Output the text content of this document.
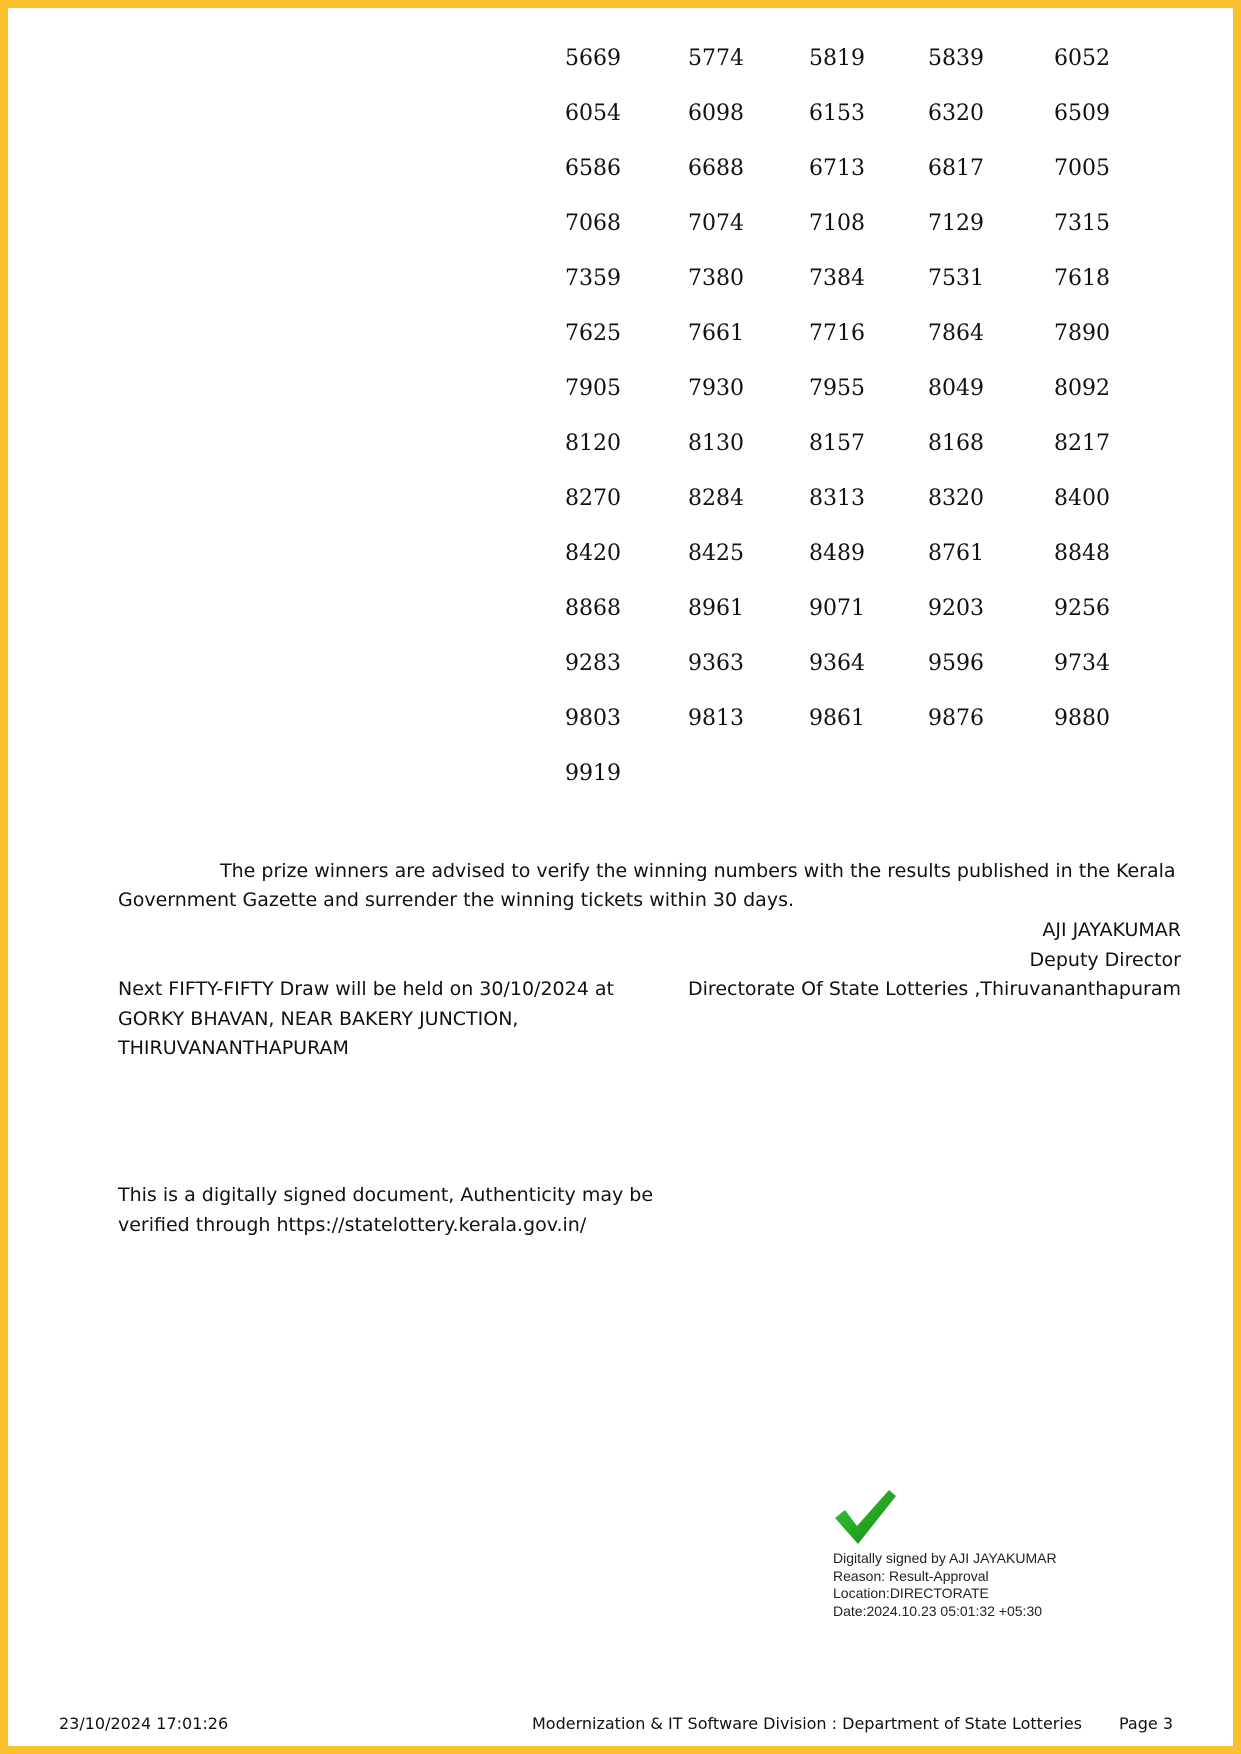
5669	5774	5819	5839	6052
6054	6098	6153	6320	6509
6586	6688	6713	6817	7005
7068	7074	7108	7129	7315
7359	7380	7384	7531	7618
7625	7661	7716	7864	7890
7905	7930	7955	8049	8092
8120	8130	8157	8168	8217
8270	8284	8313	8320	8400
8420	8425	8489	8761	8848
8868	8961	9071	9203	9256
9283	9363	9364	9596	9734
9803	9813	9861	9876	9880
9919
The prize winners are advised to verify the winning numbers with the results published in the Kerala Government Gazette and surrender the winning tickets within 30 days.
AJI JAYAKUMAR
Deputy Director
Directorate Of State Lotteries ,Thiruvananthapuram
Next FIFTY-FIFTY Draw will be held on 30/10/2024 at
GORKY BHAVAN, NEAR BAKERY JUNCTION,
THIRUVANANTHAPURAM
This is a digitally signed document, Authenticity may be
verified through https://statelottery.kerala.gov.in/
Digitally signed by AJI JAYAKUMAR
Reason: Result-Approval
Location:DIRECTORATE
Date:2024.10.23 05:01:32 +05:30
23/10/2024 17:01:26	Modernization & IT Software Division : Department of State Lotteries Page 3
